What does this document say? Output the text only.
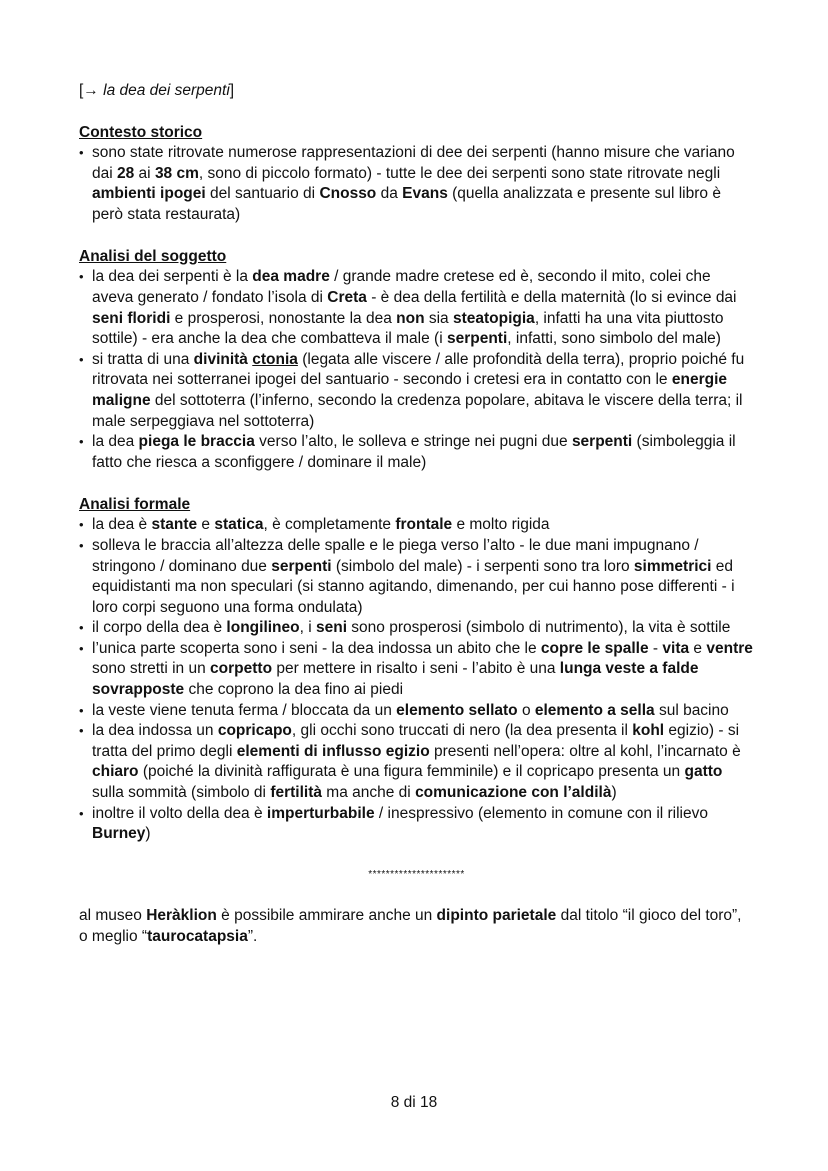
[→ la dea dei serpenti]

Contesto storico
• sono state ritrovate numerose rappresentazioni di dee dei serpenti (hanno misure che variano dai 28 ai 38 cm, sono di piccolo formato) - tutte le dee dei serpenti sono state ritrovate negli ambienti ipogei del santuario di Cnosso da Evans (quella analizzata e presente sul libro è però stata restaurata)
Analisi del soggetto
• la dea dei serpenti è la dea madre / grande madre cretese ed è, secondo il mito, colei che aveva generato / fondato l’isola di Creta - è dea della fertilità e della maternità (lo si evince dai seni floridi e prosperosi, nonostante la dea non sia steatopigia, infatti ha una vita piuttosto sottile) - era anche la dea che combatteva il male (i serpenti, infatti, sono simbolo del male)
• si tratta di una divinità ctonia (legata alle viscere / alle profondità della terra), proprio poiché fu ritrovata nei sotterranei ipogei del santuario - secondo i cretesi era in contatto con le energie maligne del sottoterra (l’inferno, secondo la credenza popolare, abitava le viscere della terra; il male serpeggiava nel sottoterra)
• la dea piega le braccia verso l’alto, le solleva e stringe nei pugni due serpenti (simboleggia il fatto che riesca a sconfiggere / dominare il male)
Analisi formale
• la dea è stante e statica, è completamente frontale e molto rigida
• solleva le braccia all’altezza delle spalle e le piega verso l’alto - le due mani impugnano / stringono / dominano due serpenti (simbolo del male) - i serpenti sono tra loro simmetrici ed equidistanti ma non speculari (si stanno agitando, dimenando, per cui hanno pose differenti - i loro corpi seguono una forma ondulata)
• il corpo della dea è longilineo, i seni sono prosperosi (simbolo di nutrimento), la vita è sottile
• l’unica parte scoperta sono i seni - la dea indossa un abito che le copre le spalle - vita e ventre sono stretti in un corpetto per mettere in risalto i seni - l’abito è una lunga veste a falde sovrapposte che coprono la dea fino ai piedi
• la veste viene tenuta ferma / bloccata da un elemento sellato o elemento a sella sul bacino
• la dea indossa un copricapo, gli occhi sono truccati di nero (la dea presenta il kohl egizio) - si tratta del primo degli elementi di influsso egizio presenti nell’opera: oltre al kohl, l’incarnato è chiaro (poiché la divinità raffigurata è una figura femminile) e il copricapo presenta un gatto sulla sommità (simbolo di fertilità ma anche di comunicazione con l’aldilà)
• inoltre il volto della dea è imperturbabile / inespressivo (elemento in comune con il rilievo Burney)
**********************

al museo Heràklion è possibile ammirare anche un dipinto parietale dal titolo “il gioco del toro”, o meglio “taurocatapsia”.

8 di 18
